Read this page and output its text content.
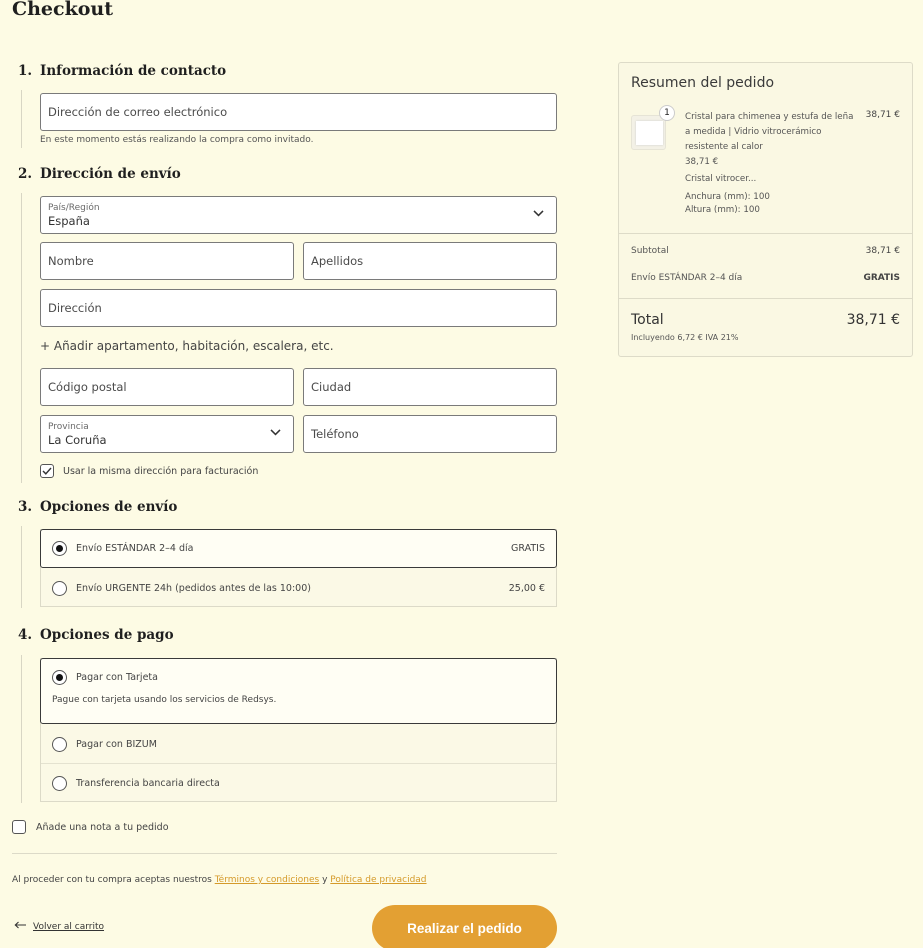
Checkout
1. Información de contacto
Dirección de correo electrónico
En este momento estás realizando la compra como invitado.
2. Dirección de envío
País/Región
España
Nombre	Apellidos
Dirección
+ Añadir apartamento, habitación, escalera, etc.
Código postal	Ciudad
Provincia
La Coruña	Teléfono
Usar la misma dirección para facturación
3. Opciones de envío
Envío ESTÁNDAR 2–4 día	GRATIS
Envío URGENTE 24h (pedidos antes de las 10:00)	25,00 €
4. Opciones de pago
Pagar con Tarjeta
Pague con tarjeta usando los servicios de Redsys.
Pagar con BIZUM
Transferencia bancaria directa
Añade una nota a tu pedido
Al proceder con tu compra aceptas nuestros Términos y condiciones y Política de privacidad
Volver al carrito	Realizar el pedido
Resumen del pedido
1	Cristal para chimenea y estufa de leña a medida | Vidrio vitrocerámico resistente al calor
38,71 €
Cristal vitrocer...
Anchura (mm): 100
Altura (mm): 100
38,71 €
Subtotal	38,71 €
Envío ESTÁNDAR 2–4 día	GRATIS
Total	38,71 €
Incluyendo 6,72 € IVA 21%
